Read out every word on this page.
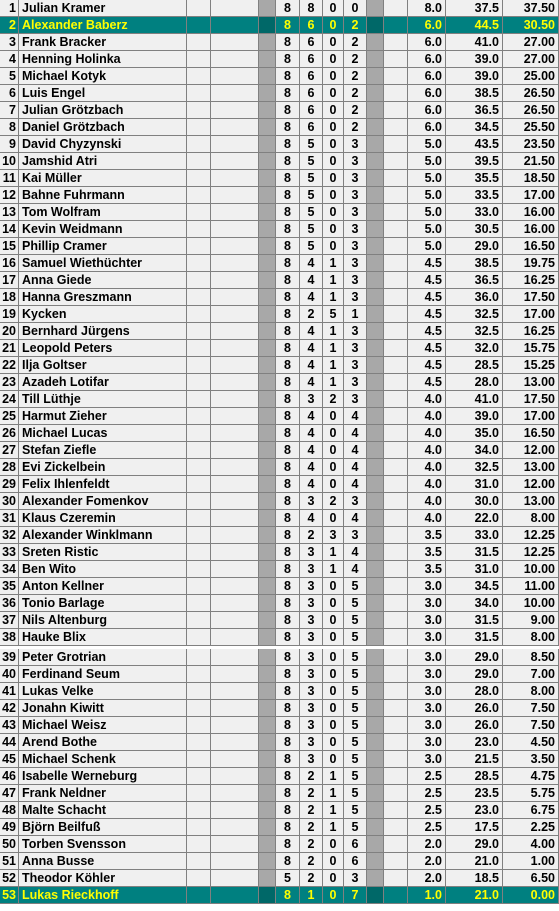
1 Julian Kramer	8	8	0	0	8.0	37.5	37.50
2 Alexander Baberz	8	6	0	2	6.0	44.5	30.50
3 Frank Bracker	8	6	0	2	6.0	41.0	27.00
4 Henning Holinka	8	6	0	2	6.0	39.0	27.00
5 Michael Kotyk	8	6	0	2	6.0	39.0	25.00
6 Luis Engel	8	6	0	2	6.0	38.5	26.50
7 Julian Grötzbach	8	6	0	2	6.0	36.5	26.50
8 Daniel Grötzbach	8	6	0	2	6.0	34.5	25.50
9 David Chyzynski	8	5	0	3	5.0	43.5	23.50
10 Jamshid Atri	8	5	0	3	5.0	39.5	21.50
11 Kai Müller	8	5	0	3	5.0	35.5	18.50
12 Bahne Fuhrmann	8	5	0	3	5.0	33.5	17.00
13 Tom Wolfram	8	5	0	3	5.0	33.0	16.00
14 Kevin Weidmann	8	5	0	3	5.0	30.5	16.00
15 Phillip Cramer	8	5	0	3	5.0	29.0	16.50
16 Samuel Wiethüchter	8	4	1	3	4.5	38.5	19.75
17 Anna Giede	8	4	1	3	4.5	36.5	16.25
18 Hanna Greszmann	8	4	1	3	4.5	36.0	17.50
19 Kycken	8	2	5	1	4.5	32.5	17.00
20 Bernhard Jürgens	8	4	1	3	4.5	32.5	16.25
21 Leopold Peters	8	4	1	3	4.5	32.0	15.75
22 Ilja Goltser	8	4	1	3	4.5	28.5	15.25
23 Azadeh Lotifar	8	4	1	3	4.5	28.0	13.00
24 Till Lüthje	8	3	2	3	4.0	41.0	17.50
25 Harmut Zieher	8	4	0	4	4.0	39.0	17.00
26 Michael Lucas	8	4	0	4	4.0	35.0	16.50
27 Stefan Ziefle	8	4	0	4	4.0	34.0	12.00
28 Evi Zickelbein	8	4	0	4	4.0	32.5	13.00
29 Felix Ihlenfeldt	8	4	0	4	4.0	31.0	12.00
30 Alexander Fomenkov	8	3	2	3	4.0	30.0	13.00
31 Klaus Czeremin	8	4	0	4	4.0	22.0	8.00
32 Alexander Winklmann	8	2	3	3	3.5	33.0	12.25
33 Sreten Ristic	8	3	1	4	3.5	31.5	12.25
34 Ben Wito	8	3	1	4	3.5	31.0	10.00
35 Anton Kellner	8	3	0	5	3.0	34.5	11.00
36 Tonio Barlage	8	3	0	5	3.0	34.0	10.00
37 Nils Altenburg	8	3	0	5	3.0	31.5	9.00
38 Hauke Blix	8	3	0	5	3.0	31.5	8.00
39 Peter Grotrian	8	3	0	5	3.0	29.0	8.50
40 Ferdinand Seum	8	3	0	5	3.0	29.0	7.00
41 Lukas Velke	8	3	0	5	3.0	28.0	8.00
42 Jonahn Kiwitt	8	3	0	5	3.0	26.0	7.50
43 Michael Weisz	8	3	0	5	3.0	26.0	7.50
44 Arend Bothe	8	3	0	5	3.0	23.0	4.50
45 Michael Schenk	8	3	0	5	3.0	21.5	3.50
46 Isabelle Werneburg	8	2	1	5	2.5	28.5	4.75
47 Frank Neldner	8	2	1	5	2.5	23.5	5.75
48 Malte Schacht	8	2	1	5	2.5	23.0	6.75
49 Björn Beilfuß	8	2	1	5	2.5	17.5	2.25
50 Torben Svensson	8	2	0	6	2.0	29.0	4.00
51 Anna Busse	8	2	0	6	2.0	21.0	1.00
52 Theodor Köhler	5	2	0	3	2.0	18.5	6.50
53 Lukas Rieckhoff	8	1	0	7	1.0	21.0	0.00
